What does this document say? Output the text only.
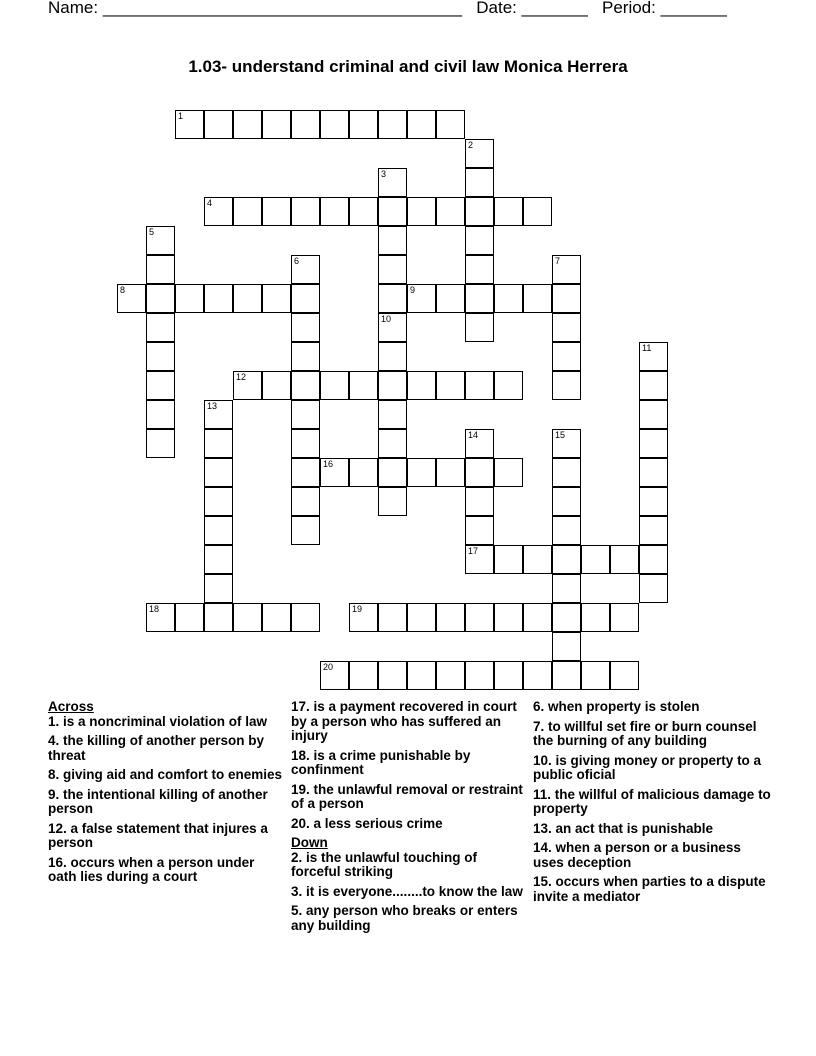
Name: ______________________________________ Date: _______ Period: _______
1.03- understand criminal and civil law Monica Herrera
1
2
3
4
5
6	7
8	9
10
11
12
13
14
17
15
16
18	19
20
Across
1. is a noncriminal violation of law
4. the killing of another person by threat
8. giving aid and comfort to enemies
9. the intentional killing of another person
12. a false statement that injures a person
16. occurs when a person under oath lies during a court
17. is a payment recovered in court by a person who has suffered an injury
18. is a crime punishable by confinment
19. the unlawful removal or restraint of a person
20. a less serious crime
Down
2. is the unlawful touching of forceful striking
3. it is everyone........to know the law
5. any person who breaks or enters any building
6. when property is stolen
7. to willful set fire or burn counsel the burning of any building
10. is giving money or property to a public oficial
11. the willful of malicious damage to property
13. an act that is punishable
14. when a person or a business uses deception
15. occurs when parties to a dispute invite a mediator
